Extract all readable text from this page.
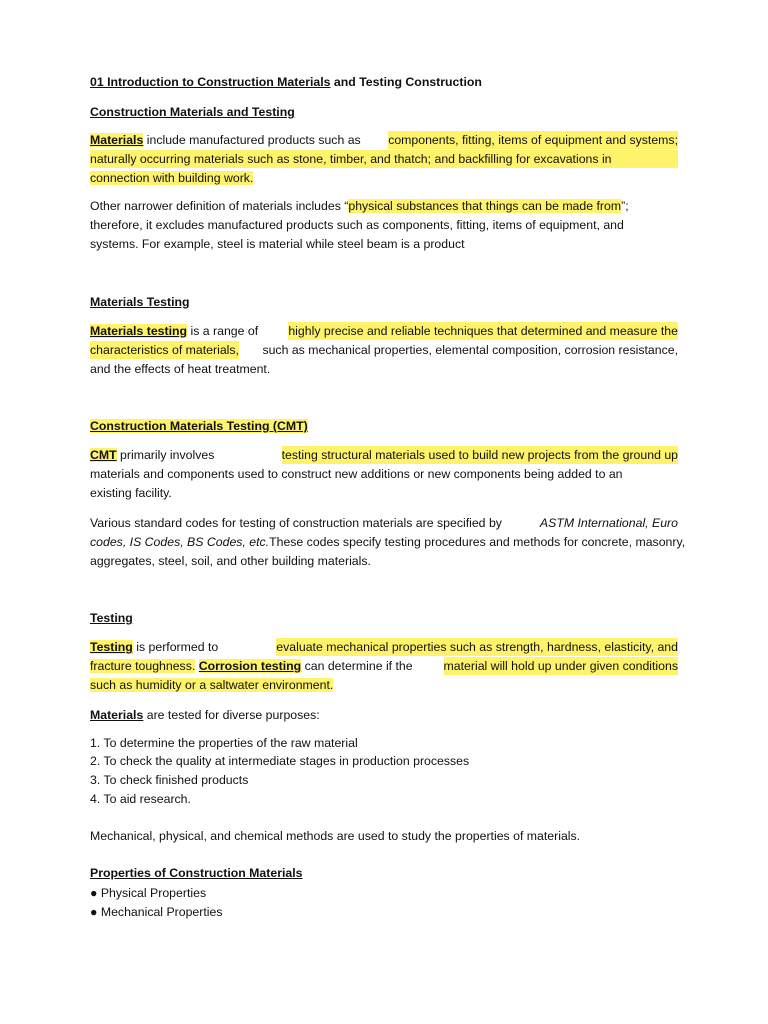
01 Introduction to Construction Materials and Testing Construction
Construction Materials and Testing
Materials include manufactured products such as components, fitting, items of equipment and systems;
naturally occurring materials such as stone, timber, and thatch; and backfilling for excavations in
connection with building work.
Other narrower definition of materials includes “physical substances that things can be made from”;
therefore, it excludes manufactured products such as components, fitting, items of equipment, and
systems. For example, steel is material while steel beam is a product
Materials Testing
Materials testing is a range of highly precise and reliable techniques that determined and measure the
characteristics of materials, such as mechanical properties, elemental composition, corrosion resistance,
and the effects of heat treatment.
Construction Materials Testing (CMT)
CMT primarily involves	testing structural materials used to build new projects from the ground up
materials and components used to construct new additions or new components being added to an
existing facility.
Various standard codes for testing of construction materials are specified by	ASTM International, Euro
codes, IS Codes, BS Codes, etc. These codes specify testing procedures and methods for concrete, masonry,
aggregates, steel, soil, and other building materials.
Testing
Testing is performed to	evaluate mechanical properties such as strength, hardness, elasticity, and
fracture toughness. Corrosion testing can determine if the	material will hold up under given conditions
such as humidity or a saltwater environment.
Materials are tested for diverse purposes:
1. To determine the properties of the raw material
2. To check the quality at intermediate stages in production processes
3. To check finished products
4. To aid research.
Mechanical, physical, and chemical methods are used to study the properties of materials.
Properties of Construction Materials
● Physical Properties
● Mechanical Properties
